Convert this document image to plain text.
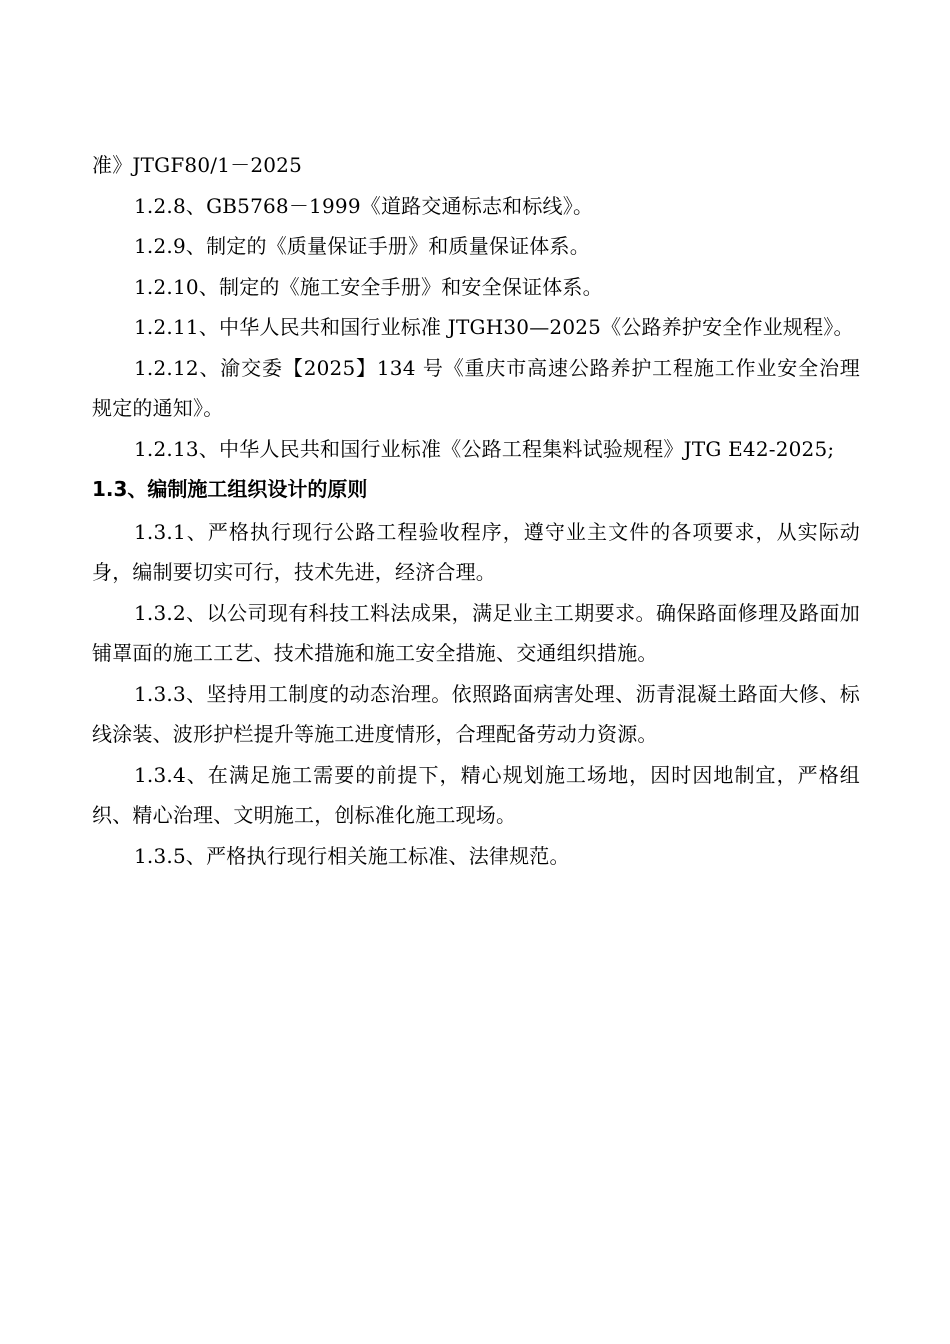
准》JTGF80/1－2025

1.2.8、GB5768－1999《道路交通标志和标线》。

1.2.9、制定的《质量保证手册》和质量保证体系。

1.2.10、制定的《施工安全手册》和安全保证体系。

1.2.11、中华人民共和国行业标准 JTGH30—2025《公路养护安全作业规程》。

1.2.12、渝交委【2025】134 号《重庆市高速公路养护工程施工作业安全治理规定的通知》。

1.2.13、中华人民共和国行业标准《公路工程集料试验规程》JTG E42-2025;

1.3、编制施工组织设计的原则

1.3.1、严格执行现行公路工程验收程序，遵守业主文件的各项要求，从实际动身，编制要切实可行，技术先进，经济合理。

1.3.2、以公司现有科技工料法成果，满足业主工期要求。确保路面修理及路面加铺罩面的施工工艺、技术措施和施工安全措施、交通组织措施。

1.3.3、坚持用工制度的动态治理。依照路面病害处理、沥青混凝土路面大修、标线涂装、波形护栏提升等施工进度情形，合理配备劳动力资源。

1.3.4、在满足施工需要的前提下，精心规划施工场地，因时因地制宜，严格组织、精心治理、文明施工，创标准化施工现场。

1.3.5、严格执行现行相关施工标准、法律规范。
